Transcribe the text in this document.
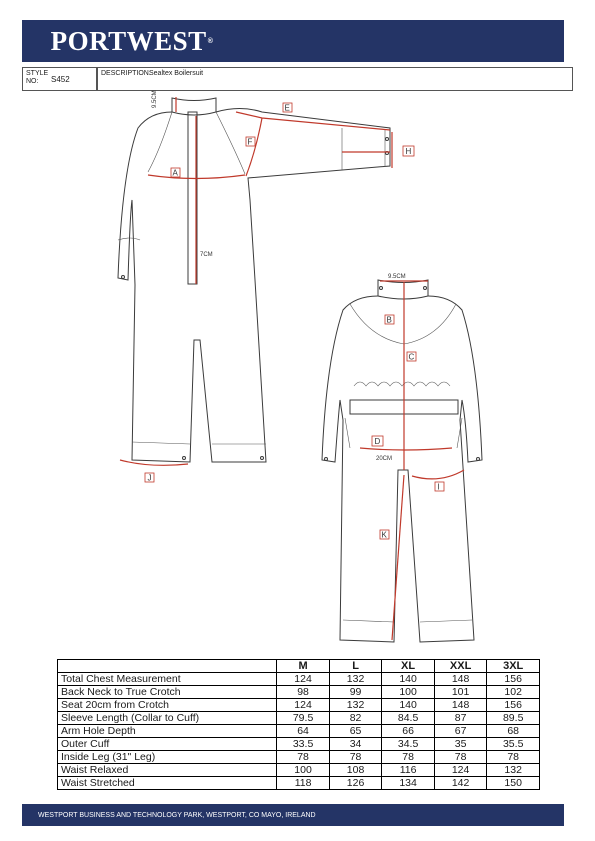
PORTWEST ®
STYLE NO:	S452
DESCRIPTION:
Sealtex Boilersuit
A
E
F
H
J
9.5CM
7CM
B
C
D
I
K
9.5CM
20CM
	M	L	XL	XXL	3XL
Total Chest Measurement	124	132	140	148	156
Back Neck to True Crotch	98	99	100	101	102
Seat 20cm from Crotch	124	132	140	148	156
Sleeve Length (Collar to Cuff)	79.5	82	84.5	87	89.5
Arm Hole Depth	64	65	66	67	68
Outer Cuff	33.5	34	34.5	35	35.5
Inside Leg (31" Leg)	78	78	78	78	78
Waist Relaxed	100	108	116	124	132
Waist Stretched	118	126	134	142	150
WESTPORT BUSINESS AND TECHNOLOGY PARK, WESTPORT, CO MAYO, IRELAND
